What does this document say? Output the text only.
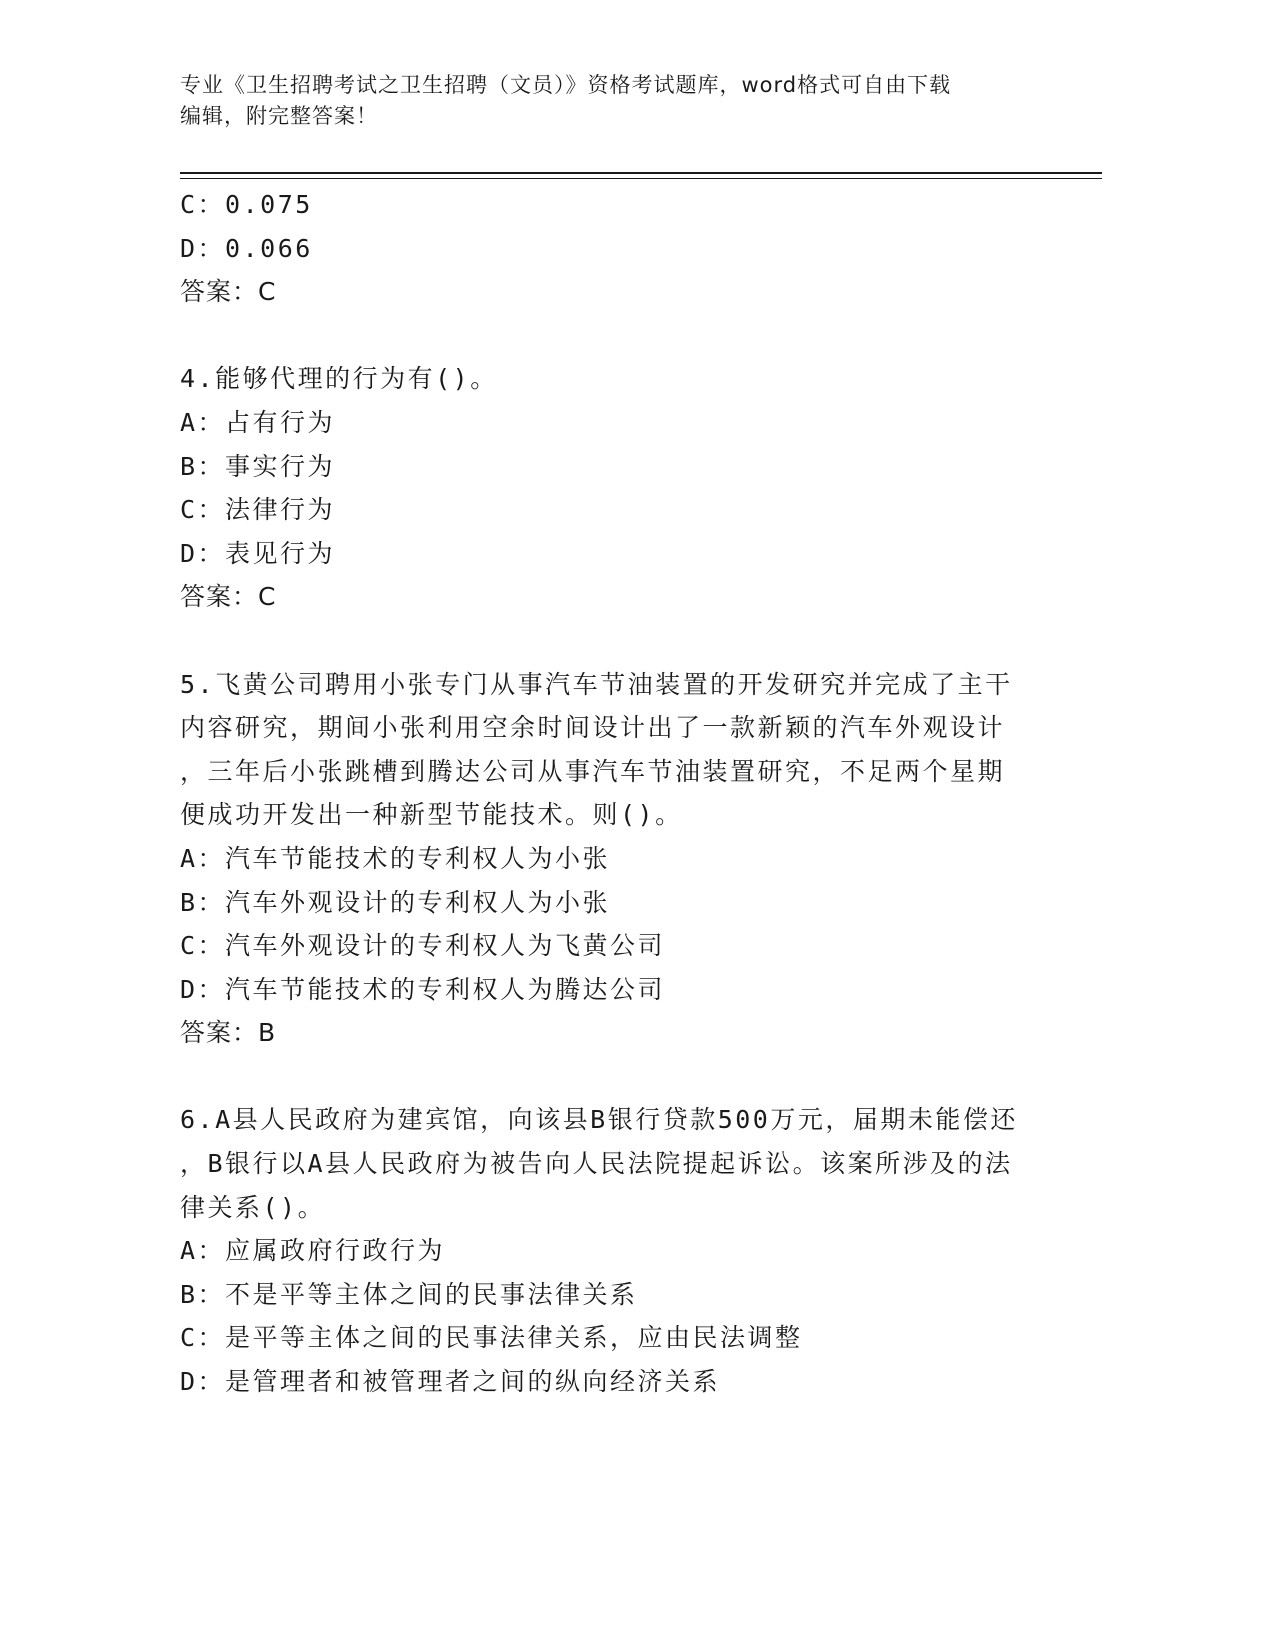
专业《卫生招聘考试之卫生招聘（文员）》资格考试题库，word格式可自由下载
编辑，附完整答案！

C：0.075

D：0.066

答案：C

4.能够代理的行为有()。

A：占有行为

B：事实行为

C：法律行为

D：表见行为

答案：C

5.飞黄公司聘用小张专门从事汽车节油装置的开发研究并完成了主干

内容研究，期间小张利用空余时间设计出了一款新颖的汽车外观设计

，三年后小张跳槽到腾达公司从事汽车节油装置研究，不足两个星期

便成功开发出一种新型节能技术。则()。

A：汽车节能技术的专利权人为小张

B：汽车外观设计的专利权人为小张

C：汽车外观设计的专利权人为飞黄公司

D：汽车节能技术的专利权人为腾达公司

答案：B

6.A县人民政府为建宾馆，向该县B银行贷款500万元，届期未能偿还

，B银行以A县人民政府为被告向人民法院提起诉讼。该案所涉及的法

律关系()。

A：应属政府行政行为

B：不是平等主体之间的民事法律关系

C：是平等主体之间的民事法律关系，应由民法调整

D：是管理者和被管理者之间的纵向经济关系
